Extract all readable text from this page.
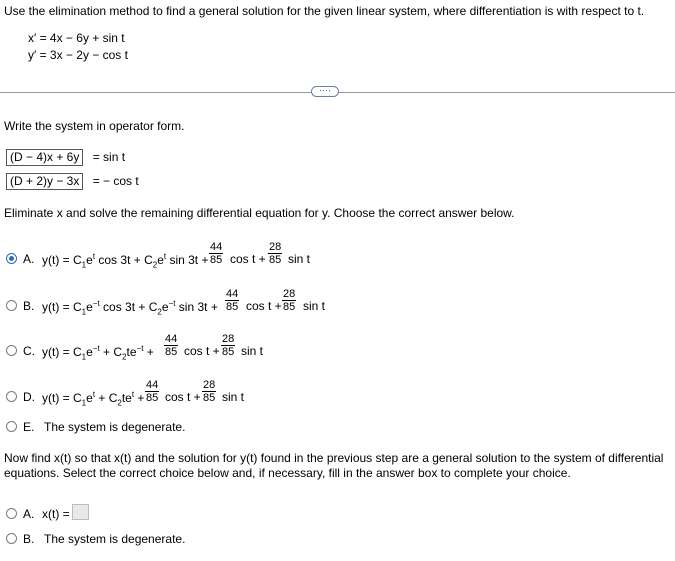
Use the elimination method to find a general solution for the given linear system, where differentiation is with respect to t.
x′ = 4x − 6y + sin t
y′ = 3x − 2y − cos t
····
Write the system in operator form.
(D − 4)x + 6y = sin t
(D + 2)y − 3x = − cos t
Eliminate x and solve the remaining differential equation for y. Choose the correct answer below.
A. $y(t) = C_1e^t$ $\cos 3t + C_2e^t$ $\sin 3t + \frac{44}{85}$ $\cos t + \frac{28}{85}$ sin t
B. $y(t) = C_1e^{-t}$ $\cos 3t + C_2e^{-t}$ $\sin 3t + \frac{44}{85}$ $\cos t + \frac{28}{85}$ sin t
C. $y(t) = C_1e^{-t} + C_2te^{-t} + \frac{44}{85}$ $\cos t + \frac{28}{85}$ sin t
D. $y(t) = C_1e^t + C_2te^t + \frac{44}{85}$ $\cos t + \frac{28}{85}$ sin t
E. The system is degenerate.
Now find x(t) so that x(t) and the solution for y(t) found in the previous step are a general solution to the system of differential equations. Select the correct choice below and, if necessary, fill in the answer box to complete your choice.
A. x(t) =
B. The system is degenerate.
